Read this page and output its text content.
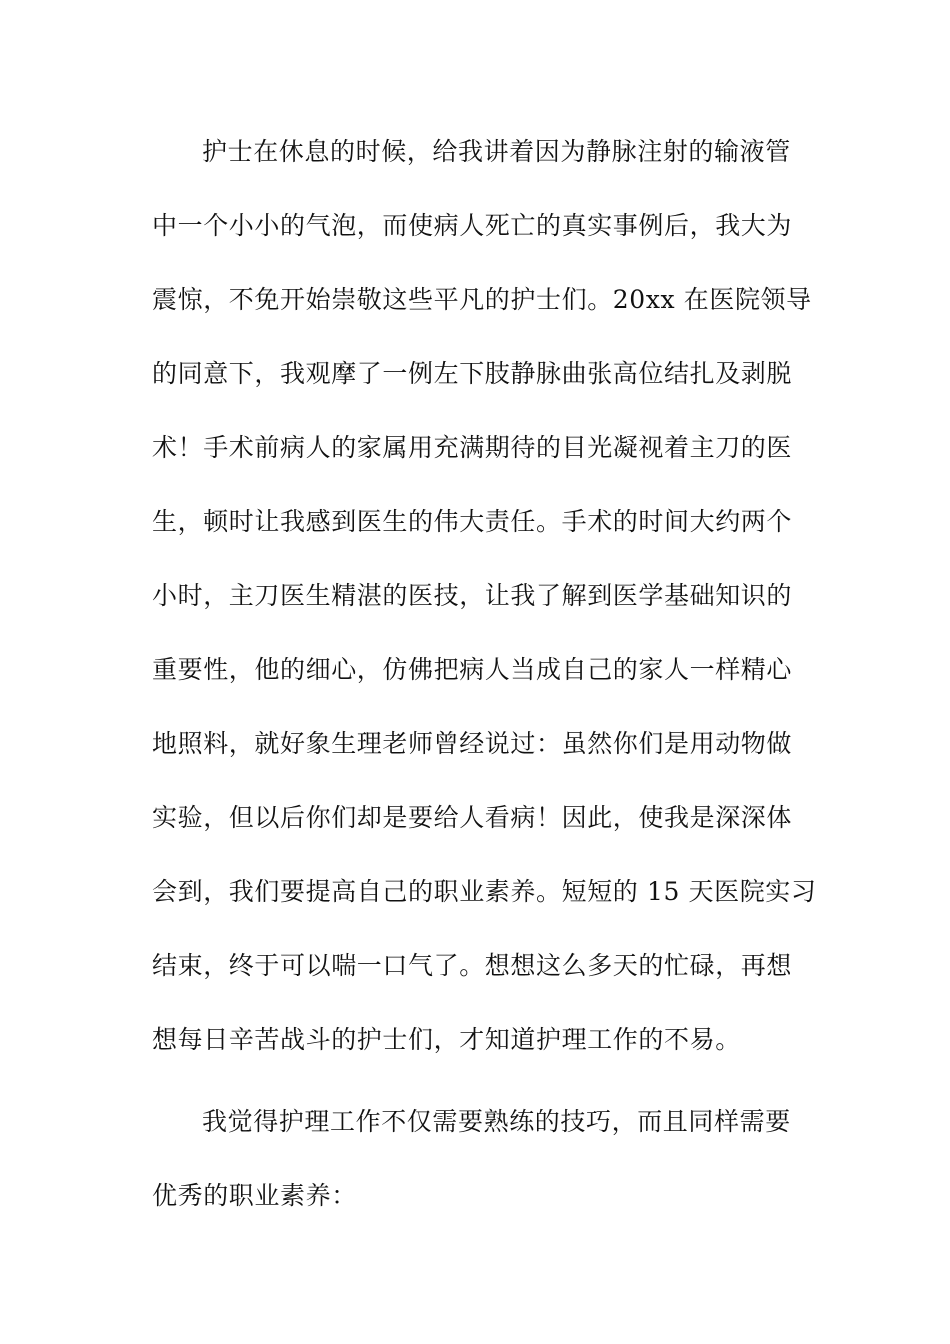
护士在休息的时候，给我讲着因为静脉注射的输液管
中一个小小的气泡，而使病人死亡的真实事例后，我大为
震惊，不免开始崇敬这些平凡的护士们。20xx 在医院领导
的同意下，我观摩了一例左下肢静脉曲张高位结扎及剥脱
术！手术前病人的家属用充满期待的目光凝视着主刀的医
生，顿时让我感到医生的伟大责任。手术的时间大约两个
小时，主刀医生精湛的医技，让我了解到医学基础知识的
重要性，他的细心，仿佛把病人当成自己的家人一样精心
地照料，就好象生理老师曾经说过：虽然你们是用动物做
实验，但以后你们却是要给人看病！因此，使我是深深体
会到，我们要提高自己的职业素养。短短的 15 天医院实习
结束，终于可以喘一口气了。想想这么多天的忙碌，再想
想每日辛苦战斗的护士们，才知道护理工作的不易。
我觉得护理工作不仅需要熟练的技巧，而且同样需要
优秀的职业素养：
